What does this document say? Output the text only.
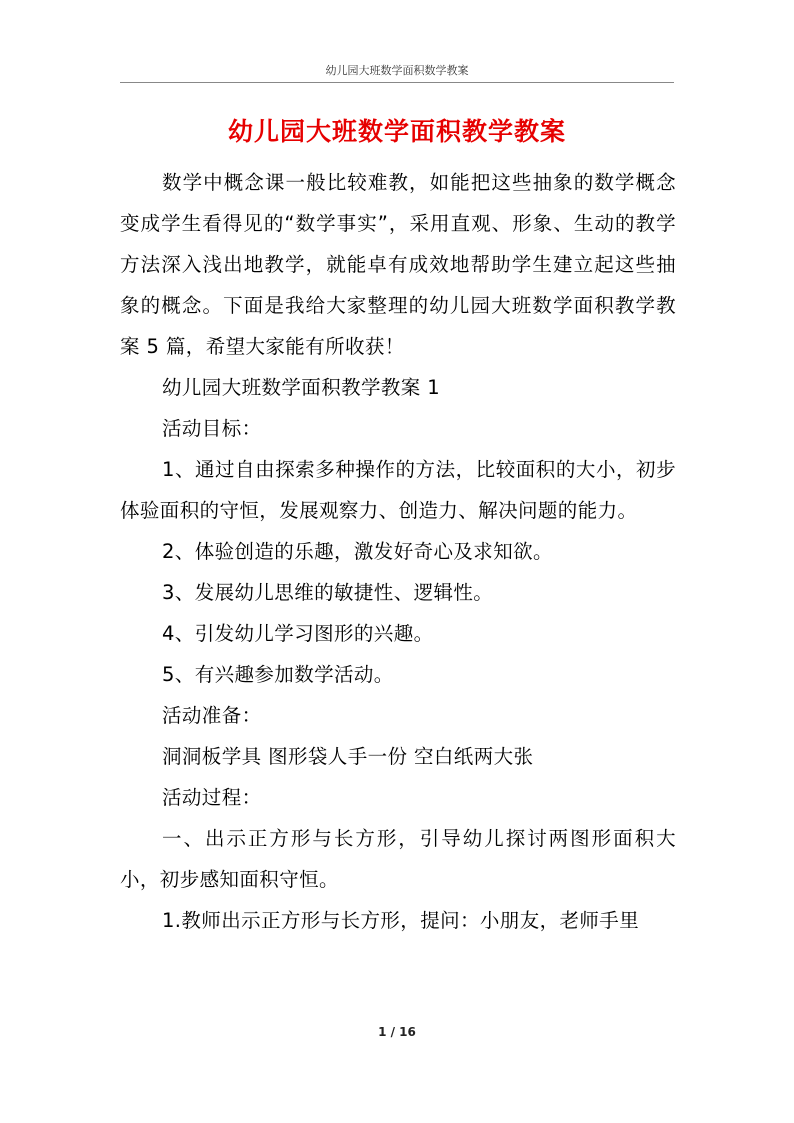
幼儿园大班数学面积数学教案
幼儿园大班数学面积教学教案

数学中概念课一般比较难教，如能把这些抽象的数学概念变成学生看得见的“数学事实”，采用直观、形象、生动的教学方法深入浅出地教学，就能卓有成效地帮助学生建立起这些抽象的概念。下面是我给大家整理的幼儿园大班数学面积教学教案 5 篇，希望大家能有所收获！

幼儿园大班数学面积教学教案 1

活动目标：

1、通过自由探索多种操作的方法，比较面积的大小，初步体验面积的守恒，发展观察力、创造力、解决问题的能力。

2、体验创造的乐趣，激发好奇心及求知欲。

3、发展幼儿思维的敏捷性、逻辑性。

4、引发幼儿学习图形的兴趣。

5、有兴趣参加数学活动。

活动准备：

洞洞板学具 图形袋人手一份 空白纸两大张

活动过程：

一、出示正方形与长方形，引导幼儿探讨两图形面积大小，初步感知面积守恒。

1.教师出示正方形与长方形，提问：小朋友，老师手里

1 / 16
